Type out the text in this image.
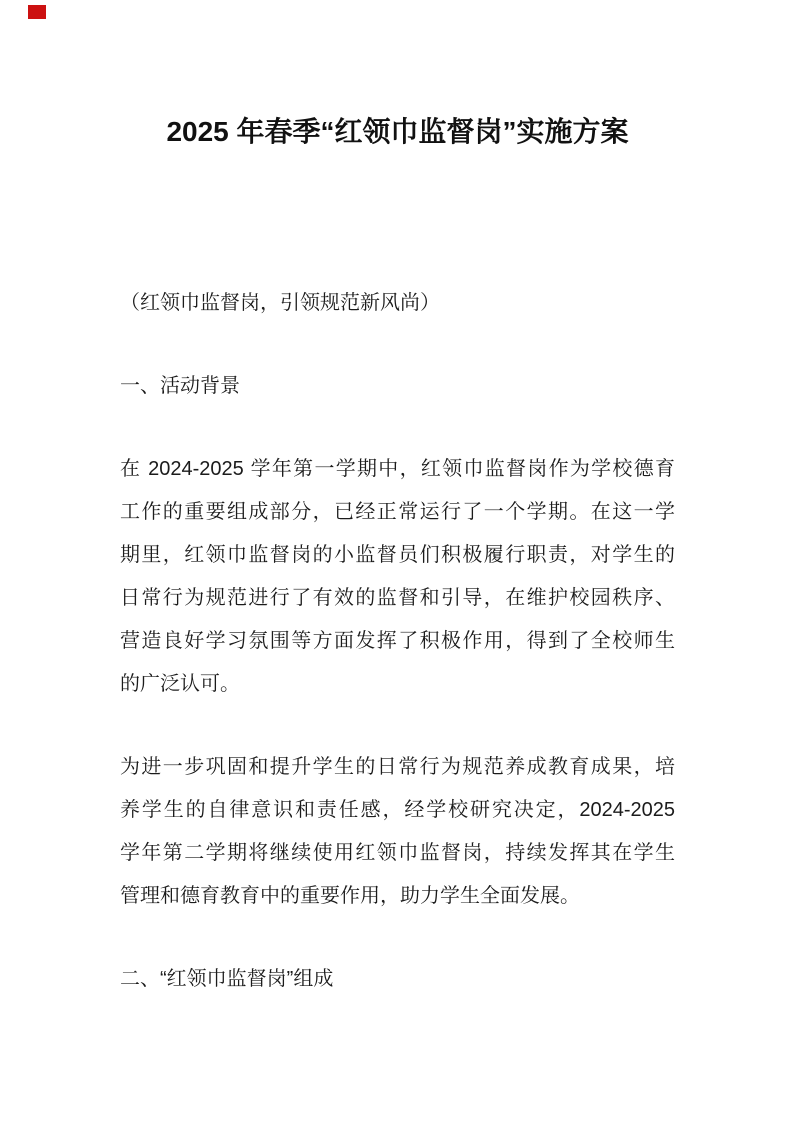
2025 年春季“红领巾监督岗”实施方案
（红领巾监督岗，引领规范新风尚）
一、活动背景
在 2024-2025 学年第一学期中，红领巾监督岗作为学校德育
工作的重要组成部分，已经正常运行了一个学期。在这一学
期里，红领巾监督岗的小监督员们积极履行职责，对学生的
日常行为规范进行了有效的监督和引导，在维护校园秩序、
营造良好学习氛围等方面发挥了积极作用，得到了全校师生
的广泛认可。
为进一步巩固和提升学生的日常行为规范养成教育成果，培
养学生的自律意识和责任感，经学校研究决定，2024-2025
学年第二学期将继续使用红领巾监督岗，持续发挥其在学生
管理和德育教育中的重要作用，助力学生全面发展。
二、“红领巾监督岗”组成
